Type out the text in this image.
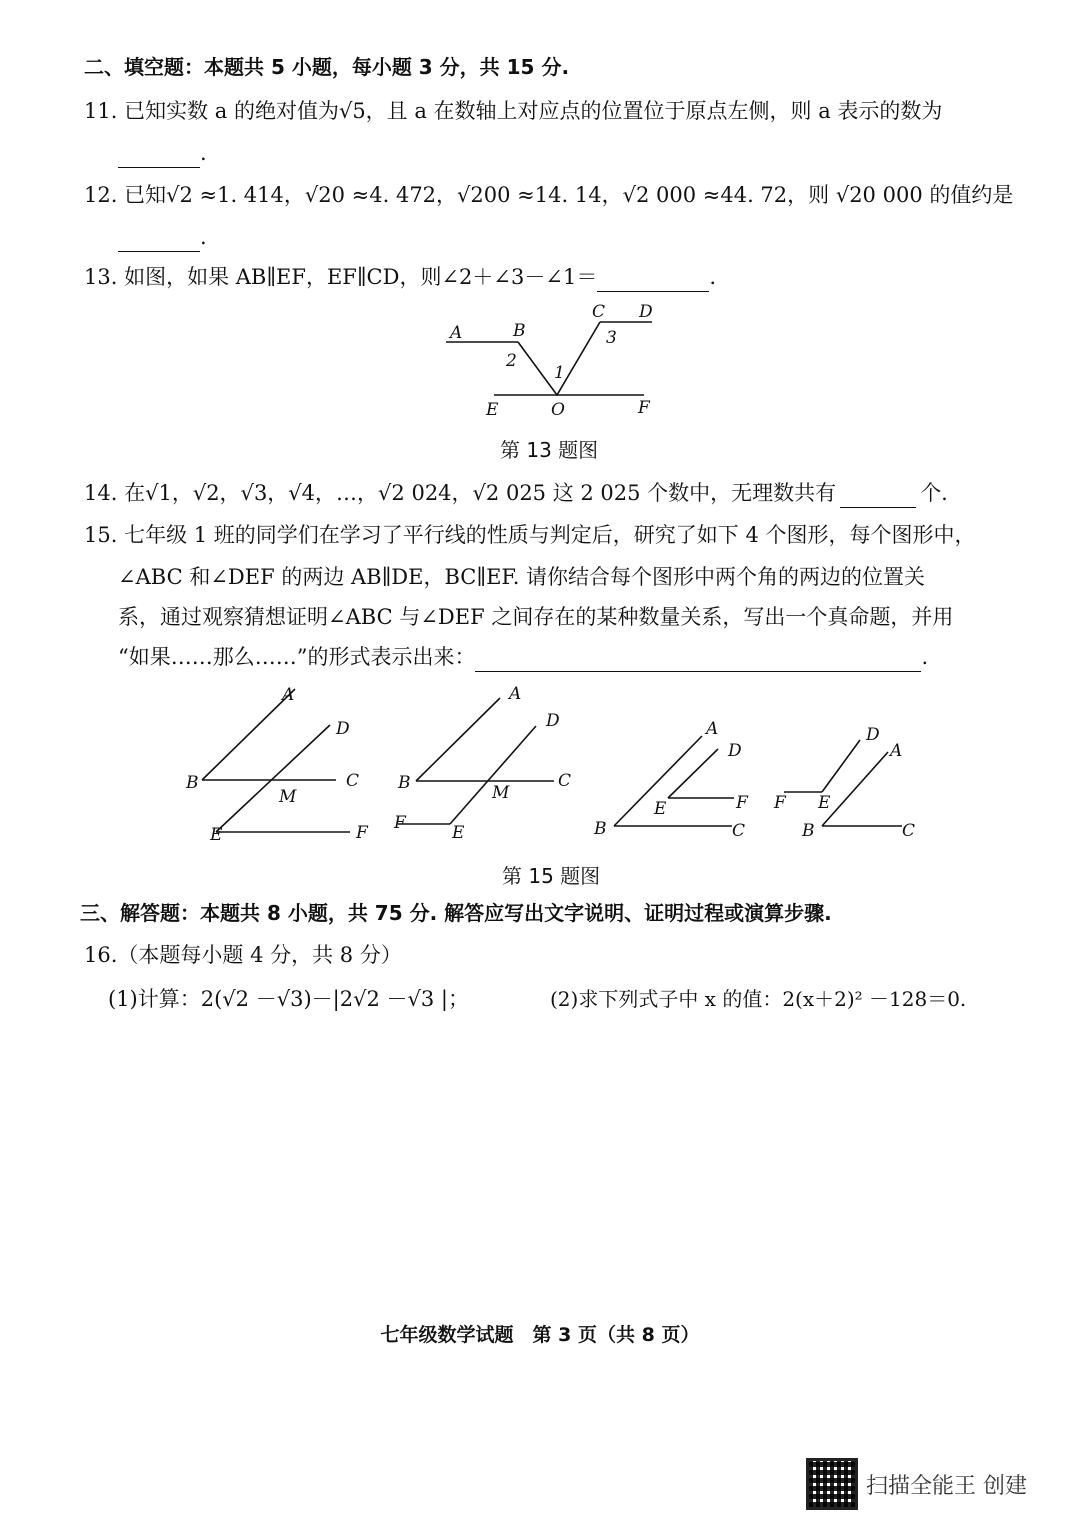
二、填空题：本题共 5 小题，每小题 3 分，共 15 分.
11. 已知实数 a 的绝对值为√5，且 a 在数轴上对应点的位置位于原点左侧，则 a 表示的数为
.
12. 已知√2 ≈1. 414，√20 ≈4. 472，√200 ≈14. 14，√2 000 ≈44. 72，则 √20 000 的值约是
.
13. 如图，如果 AB∥EF，EF∥CD，则∠2＋∠3－∠1＝	.
A	B
C D
E	O	F
2
1
3
第 13 题图
14. 在√1，√2，√3，√4，…，√2 024，√2 025 这 2 025 个数中，无理数共有	个.
15. 七年级 1 班的同学们在学习了平行线的性质与判定后，研究了如下 4 个图形，每个图形中，
∠ABC 和∠DEF 的两边 AB∥DE，BC∥EF. 请你结合每个图形中两个角的两边的位置关
系，通过观察猜想证明∠ABC 与∠DEF 之间存在的某种数量关系，写出一个真命题，并用
“如果……那么……”的形式表示出来：	.
A
D
B	C
M
E	F
A
D
B	C
M
F	E
A
D
E	F
B	C
A
D
F E
B	C
第 15 题图
三、解答题：本题共 8 小题，共 75 分. 解答应写出文字说明、证明过程或演算步骤.
16.（本题每小题 4 分，共 8 分）
(1)计算：2(√2 －√3)－|2√2 －√3 |；	(2)求下列式子中 x 的值：2(x＋2)² －128＝0.
七年级数学试题　第 3 页（共 8 页）
扫描全能王 创建
